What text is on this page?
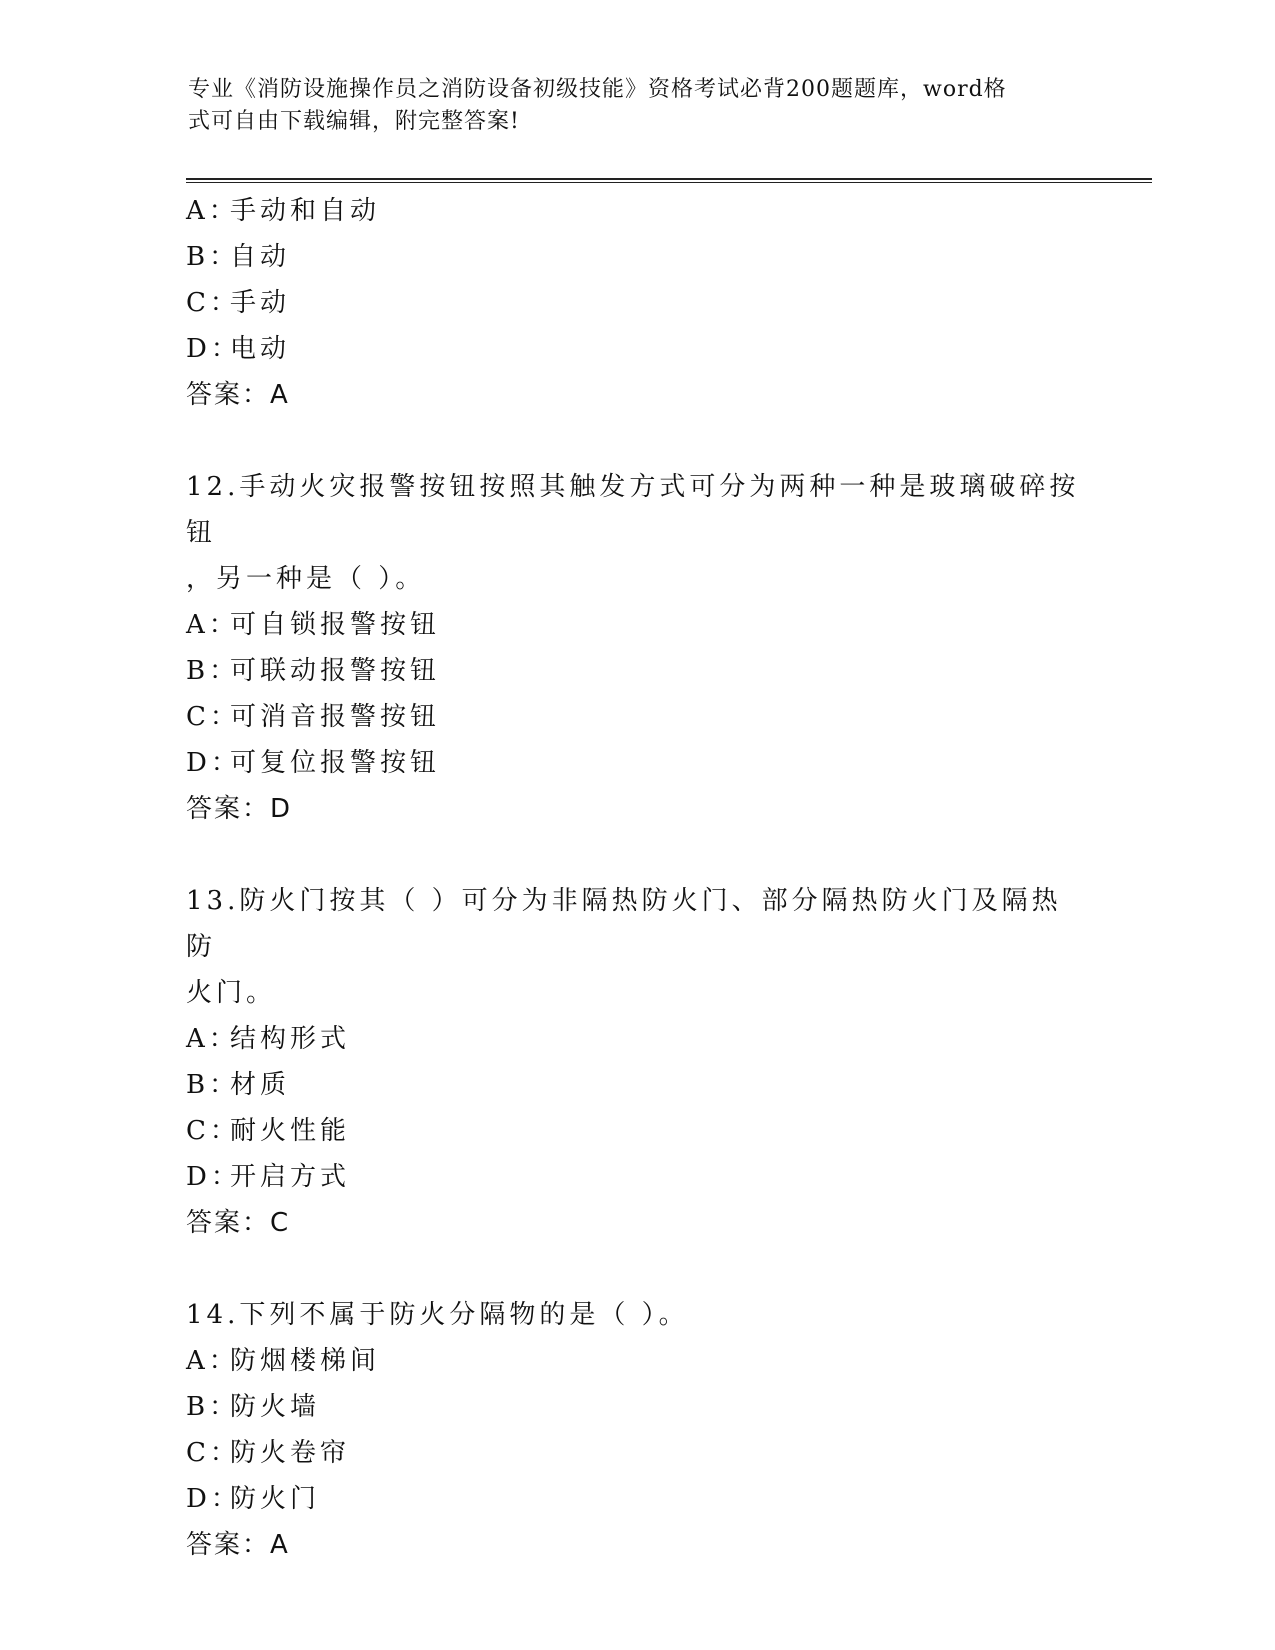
专业《消防设施操作员之消防设备初级技能》资格考试必背200题题库，word格
式可自由下载编辑，附完整答案!
A：手动和自动
B：自动
C：手动
D：电动
答案：A
12.手动火灾报警按钮按照其触发方式可分为两种一种是玻璃破碎按钮
，另一种是（ ）。
A：可自锁报警按钮
B：可联动报警按钮
C：可消音报警按钮
D：可复位报警按钮
答案：D
13.防火门按其（ ）可分为非隔热防火门、部分隔热防火门及隔热防
火门。
A：结构形式
B：材质
C：耐火性能
D：开启方式
答案：C
14.下列不属于防火分隔物的是（ ）。
A：防烟楼梯间
B：防火墙
C：防火卷帘
D：防火门
答案：A
